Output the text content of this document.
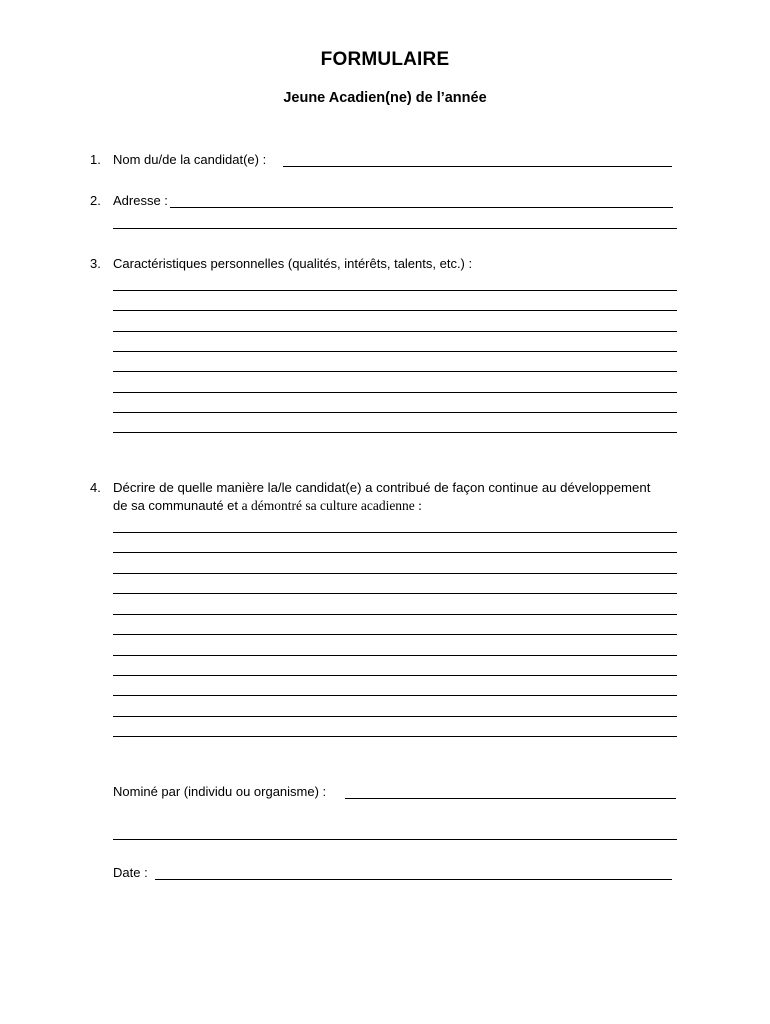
FORMULAIRE
Jeune Acadien(ne) de l’année
1. Nom du/de la candidat(e) :
2. Adresse :
3. Caractéristiques personnelles (qualités, intérêts, talents, etc.) :
4. Décrire de quelle manière la/le candidat(e) a contribué de façon continue au développement
de sa communauté et a démontré sa culture acadienne :
Nominé par (individu ou organisme) :
Date :
